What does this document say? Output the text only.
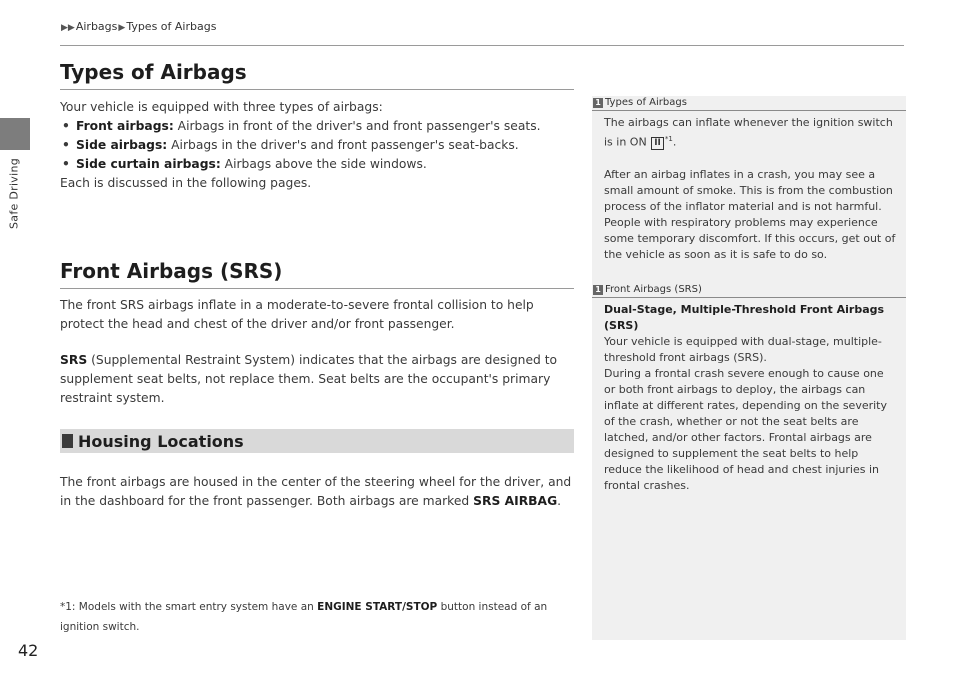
Safe Driving
42
▶▶Airbags▶Types of Airbags
Types of Airbags

Your vehicle is equipped with three types of airbags:

• Front airbags: Airbags in front of the driver's and front passenger's seats.
• Side airbags: Airbags in the driver's and front passenger's seat-backs.
• Side curtain airbags: Airbags above the side windows.

Each is discussed in the following pages.

Front Airbags (SRS)

The front SRS airbags inflate in a moderate-to-severe frontal collision to help protect the head and chest of the driver and/or front passenger.

SRS (Supplemental Restraint System) indicates that the airbags are designed to supplement seat belts, not replace them. Seat belts are the occupant's primary restraint system.

Housing Locations

The front airbags are housed in the center of the steering wheel for the driver, and in the dashboard for the front passenger. Both airbags are marked SRS AIRBAG.

*1: Models with the smart entry system have an ENGINE START/STOP button instead of an ignition switch.
1 Types of Airbags

The airbags can inflate whenever the ignition switch is in ON II $^{*1}$.

After an airbag inflates in a crash, you may see a small amount of smoke. This is from the combustion process of the inflator material and is not harmful. People with respiratory problems may experience some temporary discomfort. If this occurs, get out of the vehicle as soon as it is safe to do so.

1 Front Airbags (SRS)

Dual-Stage, Multiple-Threshold Front Airbags (SRS)

Your vehicle is equipped with dual-stage, multiple-threshold front airbags (SRS).

During a frontal crash severe enough to cause one or both front airbags to deploy, the airbags can inflate at different rates, depending on the severity of the crash, whether or not the seat belts are latched, and/or other factors. Frontal airbags are designed to supplement the seat belts to help reduce the likelihood of head and chest injuries in frontal crashes.
